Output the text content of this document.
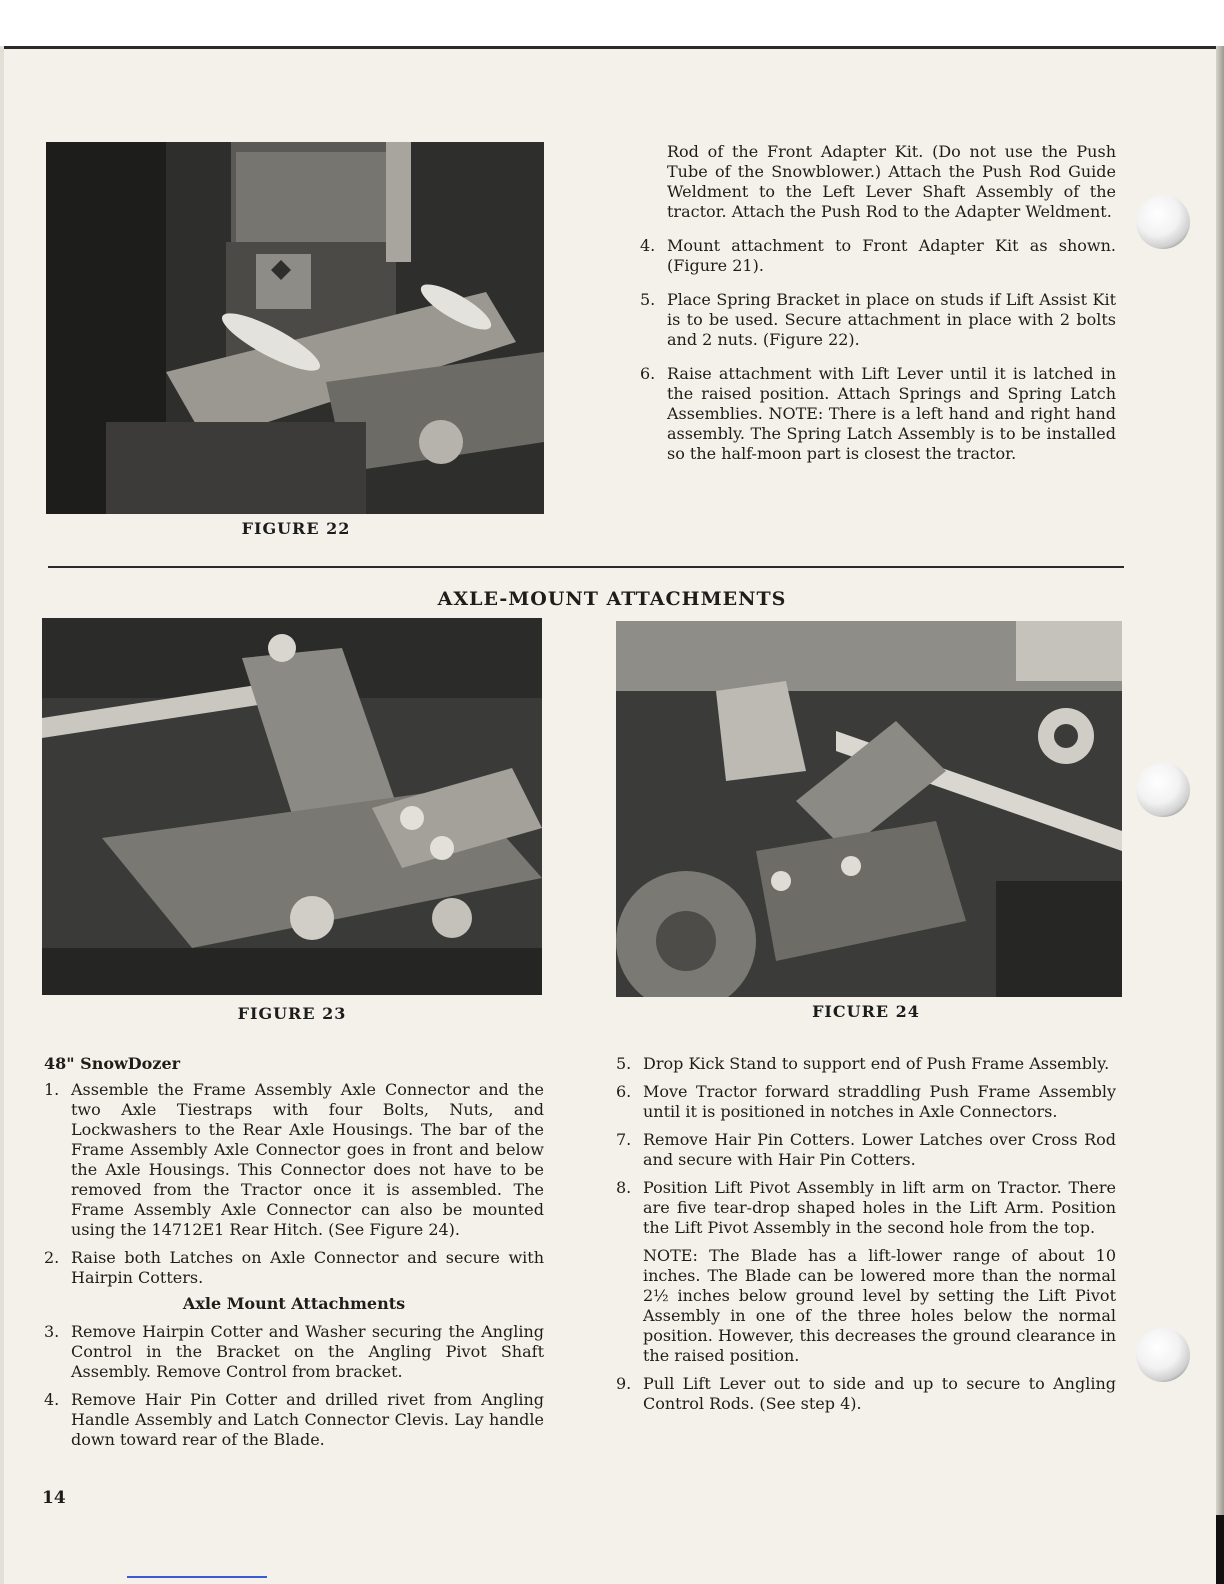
FIGURE 22
Rod of the Front Adapter Kit. (Do not use the Push Tube of the Snowblower.) Attach the Push Rod Guide Weldment to the Left Lever Shaft Assembly of the tractor. Attach the Push Rod to the Adapter Weldment.
4. Mount attachment to Front Adapter Kit as shown. (Figure 21).
5. Place Spring Bracket in place on studs if Lift Assist Kit is to be used. Secure attachment in place with 2 bolts and 2 nuts. (Figure 22).
6. Raise attachment with Lift Lever until it is latched in the raised position. Attach Springs and Spring Latch Assemblies. NOTE: There is a left hand and right hand assembly. The Spring Latch Assembly is to be installed so the half-moon part is closest the tractor.
AXLE-MOUNT ATTACHMENTS
FIGURE 23	FICURE 24
48" SnowDozer
1. Assemble the Frame Assembly Axle Connector and the two Axle Tiestraps with four Bolts, Nuts, and Lockwashers to the Rear Axle Housings. The bar of the Frame Assembly Axle Connector goes in front and below the Axle Housings. This Connector does not have to be removed from the Tractor once it is assembled. The Frame Assembly Axle Connector can also be mounted using the 14712E1 Rear Hitch. (See Figure 24).
2. Raise both Latches on Axle Connector and secure with Hairpin Cotters.
Axle Mount Attachments
3. Remove Hairpin Cotter and Washer securing the Angling Control in the Bracket on the Angling Pivot Shaft Assembly. Remove Control from bracket.
4. Remove Hair Pin Cotter and drilled rivet from Angling Handle Assembly and Latch Connector Clevis. Lay handle down toward rear of the Blade.
5. Drop Kick Stand to support end of Push Frame Assembly.
6. Move Tractor forward straddling Push Frame Assembly until it is positioned in notches in Axle Connectors.
7. Remove Hair Pin Cotters. Lower Latches over Cross Rod and secure with Hair Pin Cotters.
8. Position Lift Pivot Assembly in lift arm on Tractor. There are five tear-drop shaped holes in the Lift Arm. Position the Lift Pivot Assembly in the second hole from the top.
NOTE: The Blade has a lift-lower range of about 10 inches. The Blade can be lowered more than the normal 2½ inches below ground level by setting the Lift Pivot Assembly in one of the three holes below the normal position. However, this decreases the ground clearance in the raised position.
9. Pull Lift Lever out to side and up to secure to Angling Control Rods. (See step 4).
14
